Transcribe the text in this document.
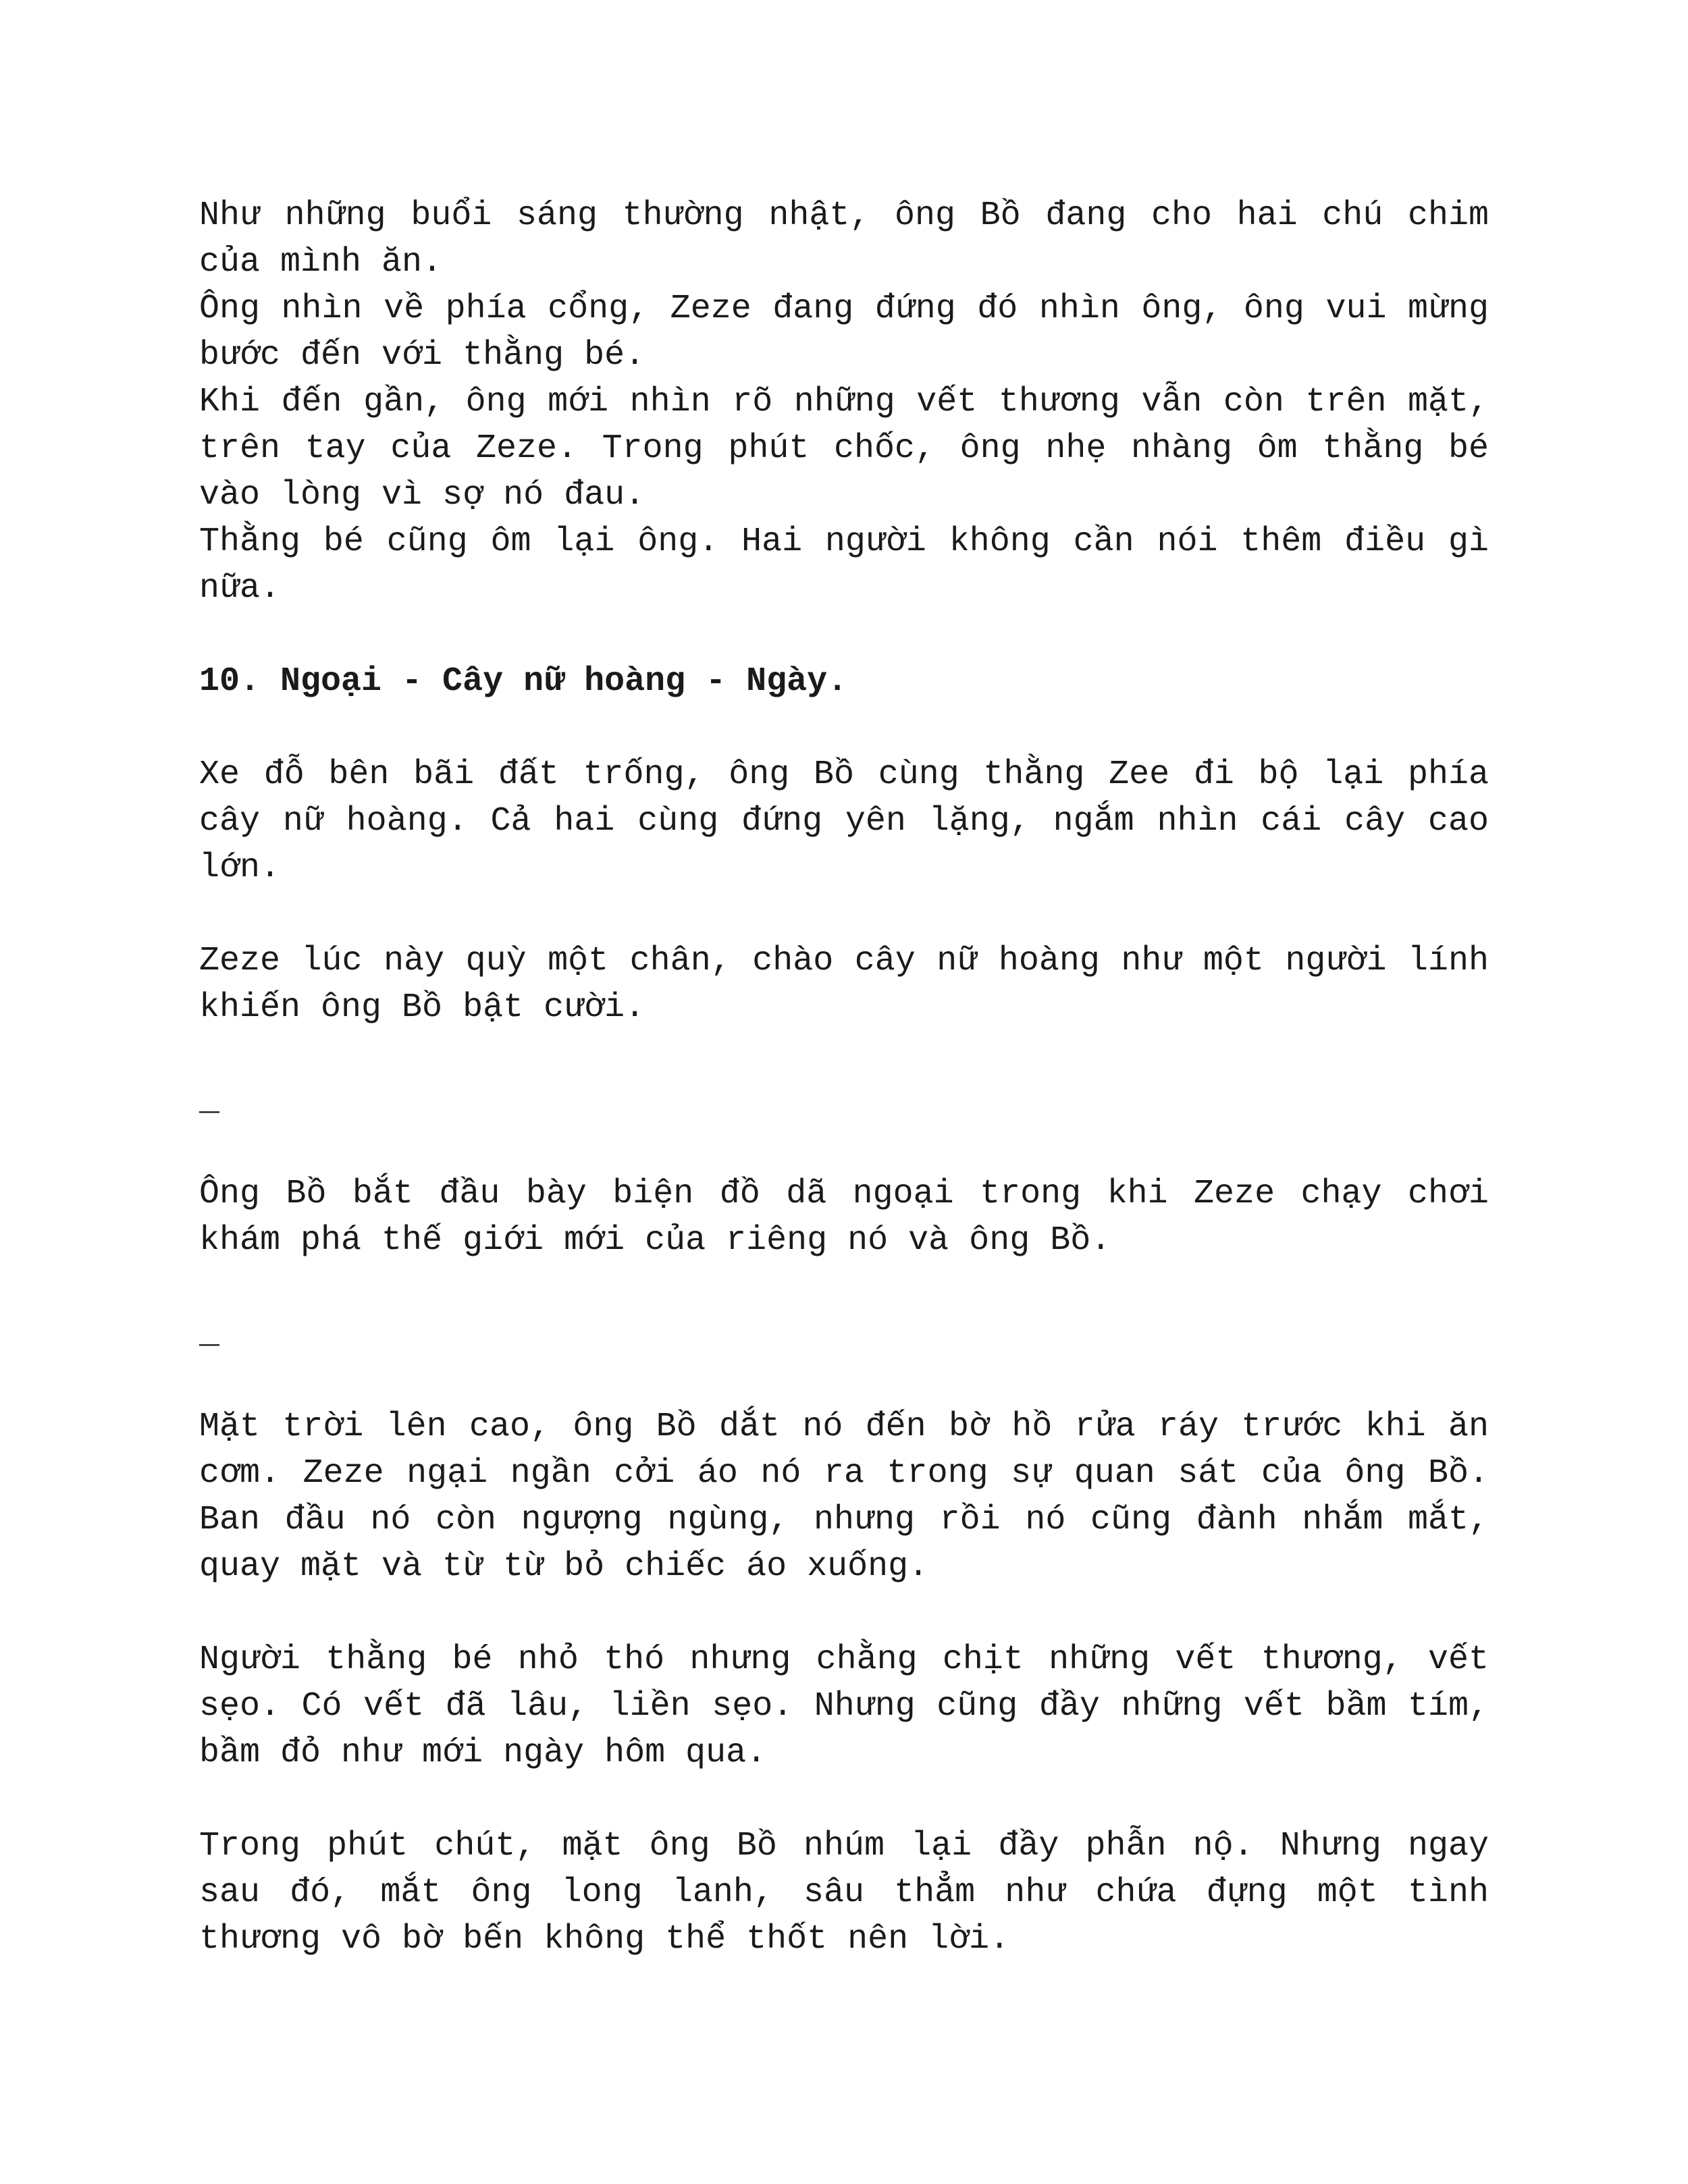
Như những buổi sáng thường nhật, ông Bồ đang cho hai chú chim của mình ăn.

Ông nhìn về phía cổng, Zeze đang đứng đó nhìn ông, ông vui mừng bước đến với thằng bé.

Khi đến gần, ông mới nhìn rõ những vết thương vẫn còn trên mặt, trên tay của Zeze. Trong phút chốc, ông nhẹ nhàng ôm thằng bé vào lòng vì sợ nó đau.

Thằng bé cũng ôm lại ông. Hai người không cần nói thêm điều gì nữa.

10. Ngoại - Cây nữ hoàng - Ngày.

Xe đỗ bên bãi đất trống, ông Bồ cùng thằng Zee đi bộ lại phía cây nữ hoàng. Cả hai cùng đứng yên lặng, ngắm nhìn cái cây cao lớn.

Zeze lúc này quỳ một chân, chào cây nữ hoàng như một người lính khiến ông Bồ bật cười.

_

Ông Bồ bắt đầu bày biện đồ dã ngoại trong khi Zeze chạy chơi khám phá thế giới mới của riêng nó và ông Bồ.

_

Mặt trời lên cao, ông Bồ dắt nó đến bờ hồ rửa ráy trước khi ăn cơm. Zeze ngại ngần cởi áo nó ra trong sự quan sát của ông Bồ. Ban đầu nó còn ngượng ngùng, nhưng rồi nó cũng đành nhắm mắt, quay mặt và từ từ bỏ chiếc áo xuống.

Người thằng bé nhỏ thó nhưng chằng chịt những vết thương, vết sẹo. Có vết đã lâu, liền sẹo. Nhưng cũng đầy những vết bầm tím, bầm đỏ như mới ngày hôm qua.

Trong phút chút, mặt ông Bồ nhúm lại đầy phẫn nộ. Nhưng ngay sau đó, mắt ông long lanh, sâu thẳm như chứa đựng một tình thương vô bờ bến không thể thốt nên lời.
